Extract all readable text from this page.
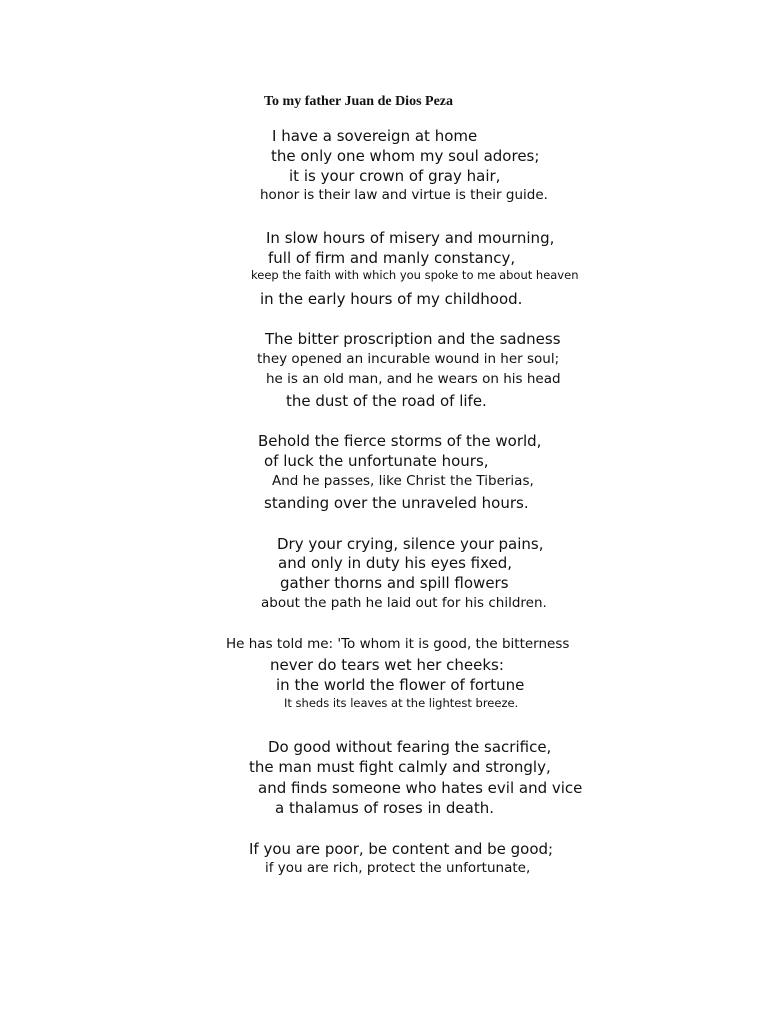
To my father Juan de Dios Peza
I have a sovereign at home
the only one whom my soul adores;
it is your crown of gray hair,
honor is their law and virtue is their guide.
In slow hours of misery and mourning,
full of firm and manly constancy,
keep the faith with which you spoke to me about heaven
in the early hours of my childhood.
The bitter proscription and the sadness
they opened an incurable wound in her soul;
he is an old man, and he wears on his head
the dust of the road of life.
Behold the fierce storms of the world,
of luck the unfortunate hours,
And he passes, like Christ the Tiberias,
standing over the unraveled hours.
Dry your crying, silence your pains,
and only in duty his eyes fixed,
gather thorns and spill flowers
about the path he laid out for his children.
He has told me: 'To whom it is good, the bitterness
never do tears wet her cheeks:
in the world the flower of fortune
It sheds its leaves at the lightest breeze.
Do good without fearing the sacrifice,
the man must fight calmly and strongly,
and finds someone who hates evil and vice
a thalamus of roses in death.
If you are poor, be content and be good;
if you are rich, protect the unfortunate,
